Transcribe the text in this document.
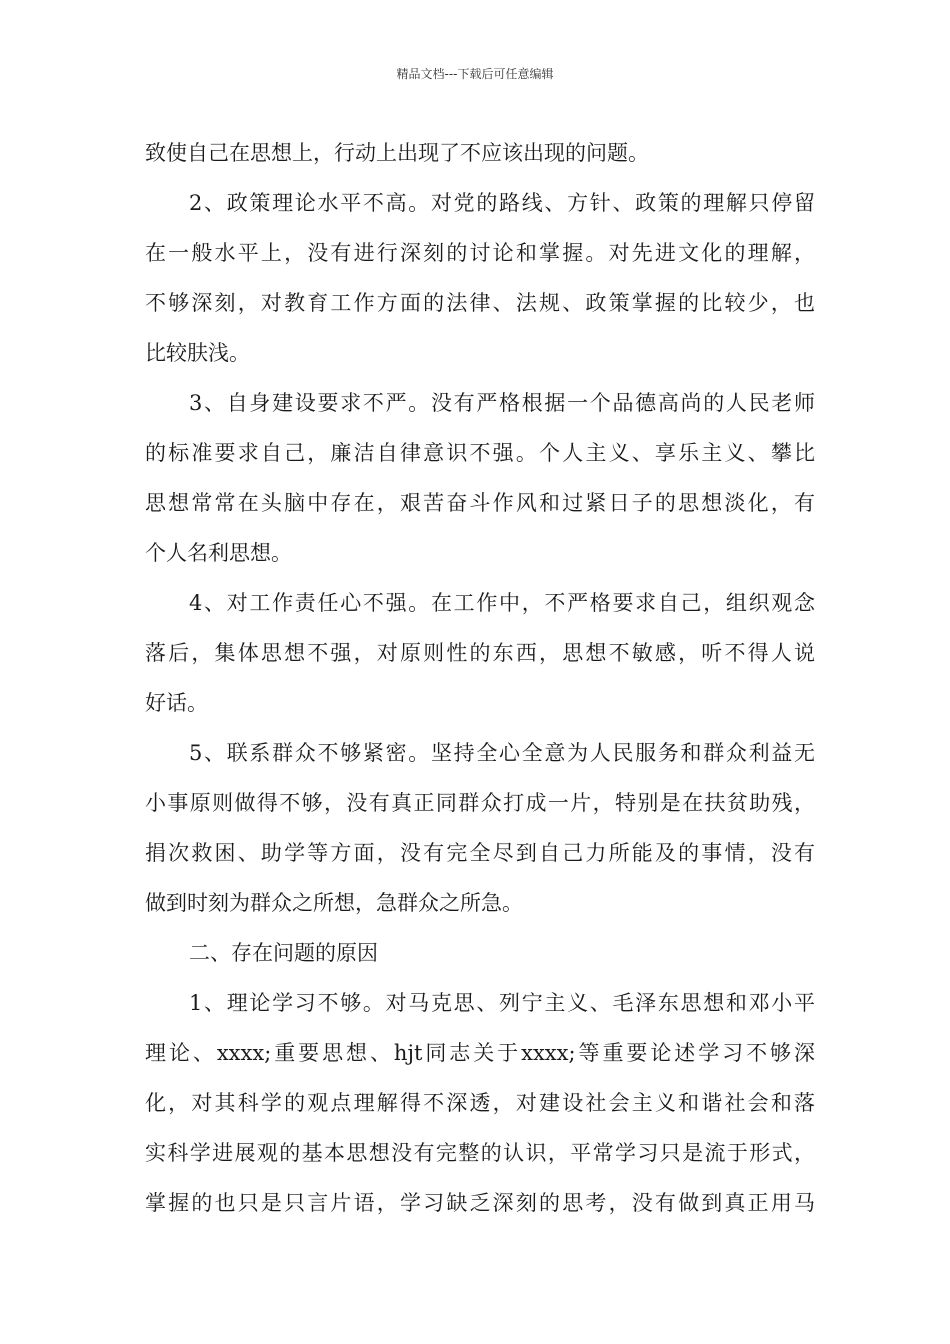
精品文档---下载后可任意编辑
致使自己在思想上，行动上出现了不应该出现的问题。
2、政策理论水平不高。对党的路线、方针、政策的理解只停留
在一般水平上，没有进行深刻的讨论和掌握。对先进文化的理解，
不够深刻，对教育工作方面的法律、法规、政策掌握的比较少，也
比较肤浅。
3、自身建设要求不严。没有严格根据一个品德高尚的人民老师
的标准要求自己，廉洁自律意识不强。个人主义、享乐主义、攀比
思想常常在头脑中存在，艰苦奋斗作风和过紧日子的思想淡化，有
个人名利思想。
4、对工作责任心不强。在工作中，不严格要求自己，组织观念
落后，集体思想不强，对原则性的东西，思想不敏感，听不得人说
好话。
5、联系群众不够紧密。坚持全心全意为人民服务和群众利益无
小事原则做得不够，没有真正同群众打成一片，特别是在扶贫助残，
捐次救困、助学等方面，没有完全尽到自己力所能及的事情，没有
做到时刻为群众之所想，急群众之所急。
二、存在问题的原因
1、理论学习不够。对马克思、列宁主义、毛泽东思想和邓小平
理论、xxxx;重要思想、hjt同志关于xxxx;等重要论述学习不够深
化，对其科学的观点理解得不深透，对建设社会主义和谐社会和落
实科学进展观的基本思想没有完整的认识，平常学习只是流于形式，
掌握的也只是只言片语，学习缺乏深刻的思考，没有做到真正用马
